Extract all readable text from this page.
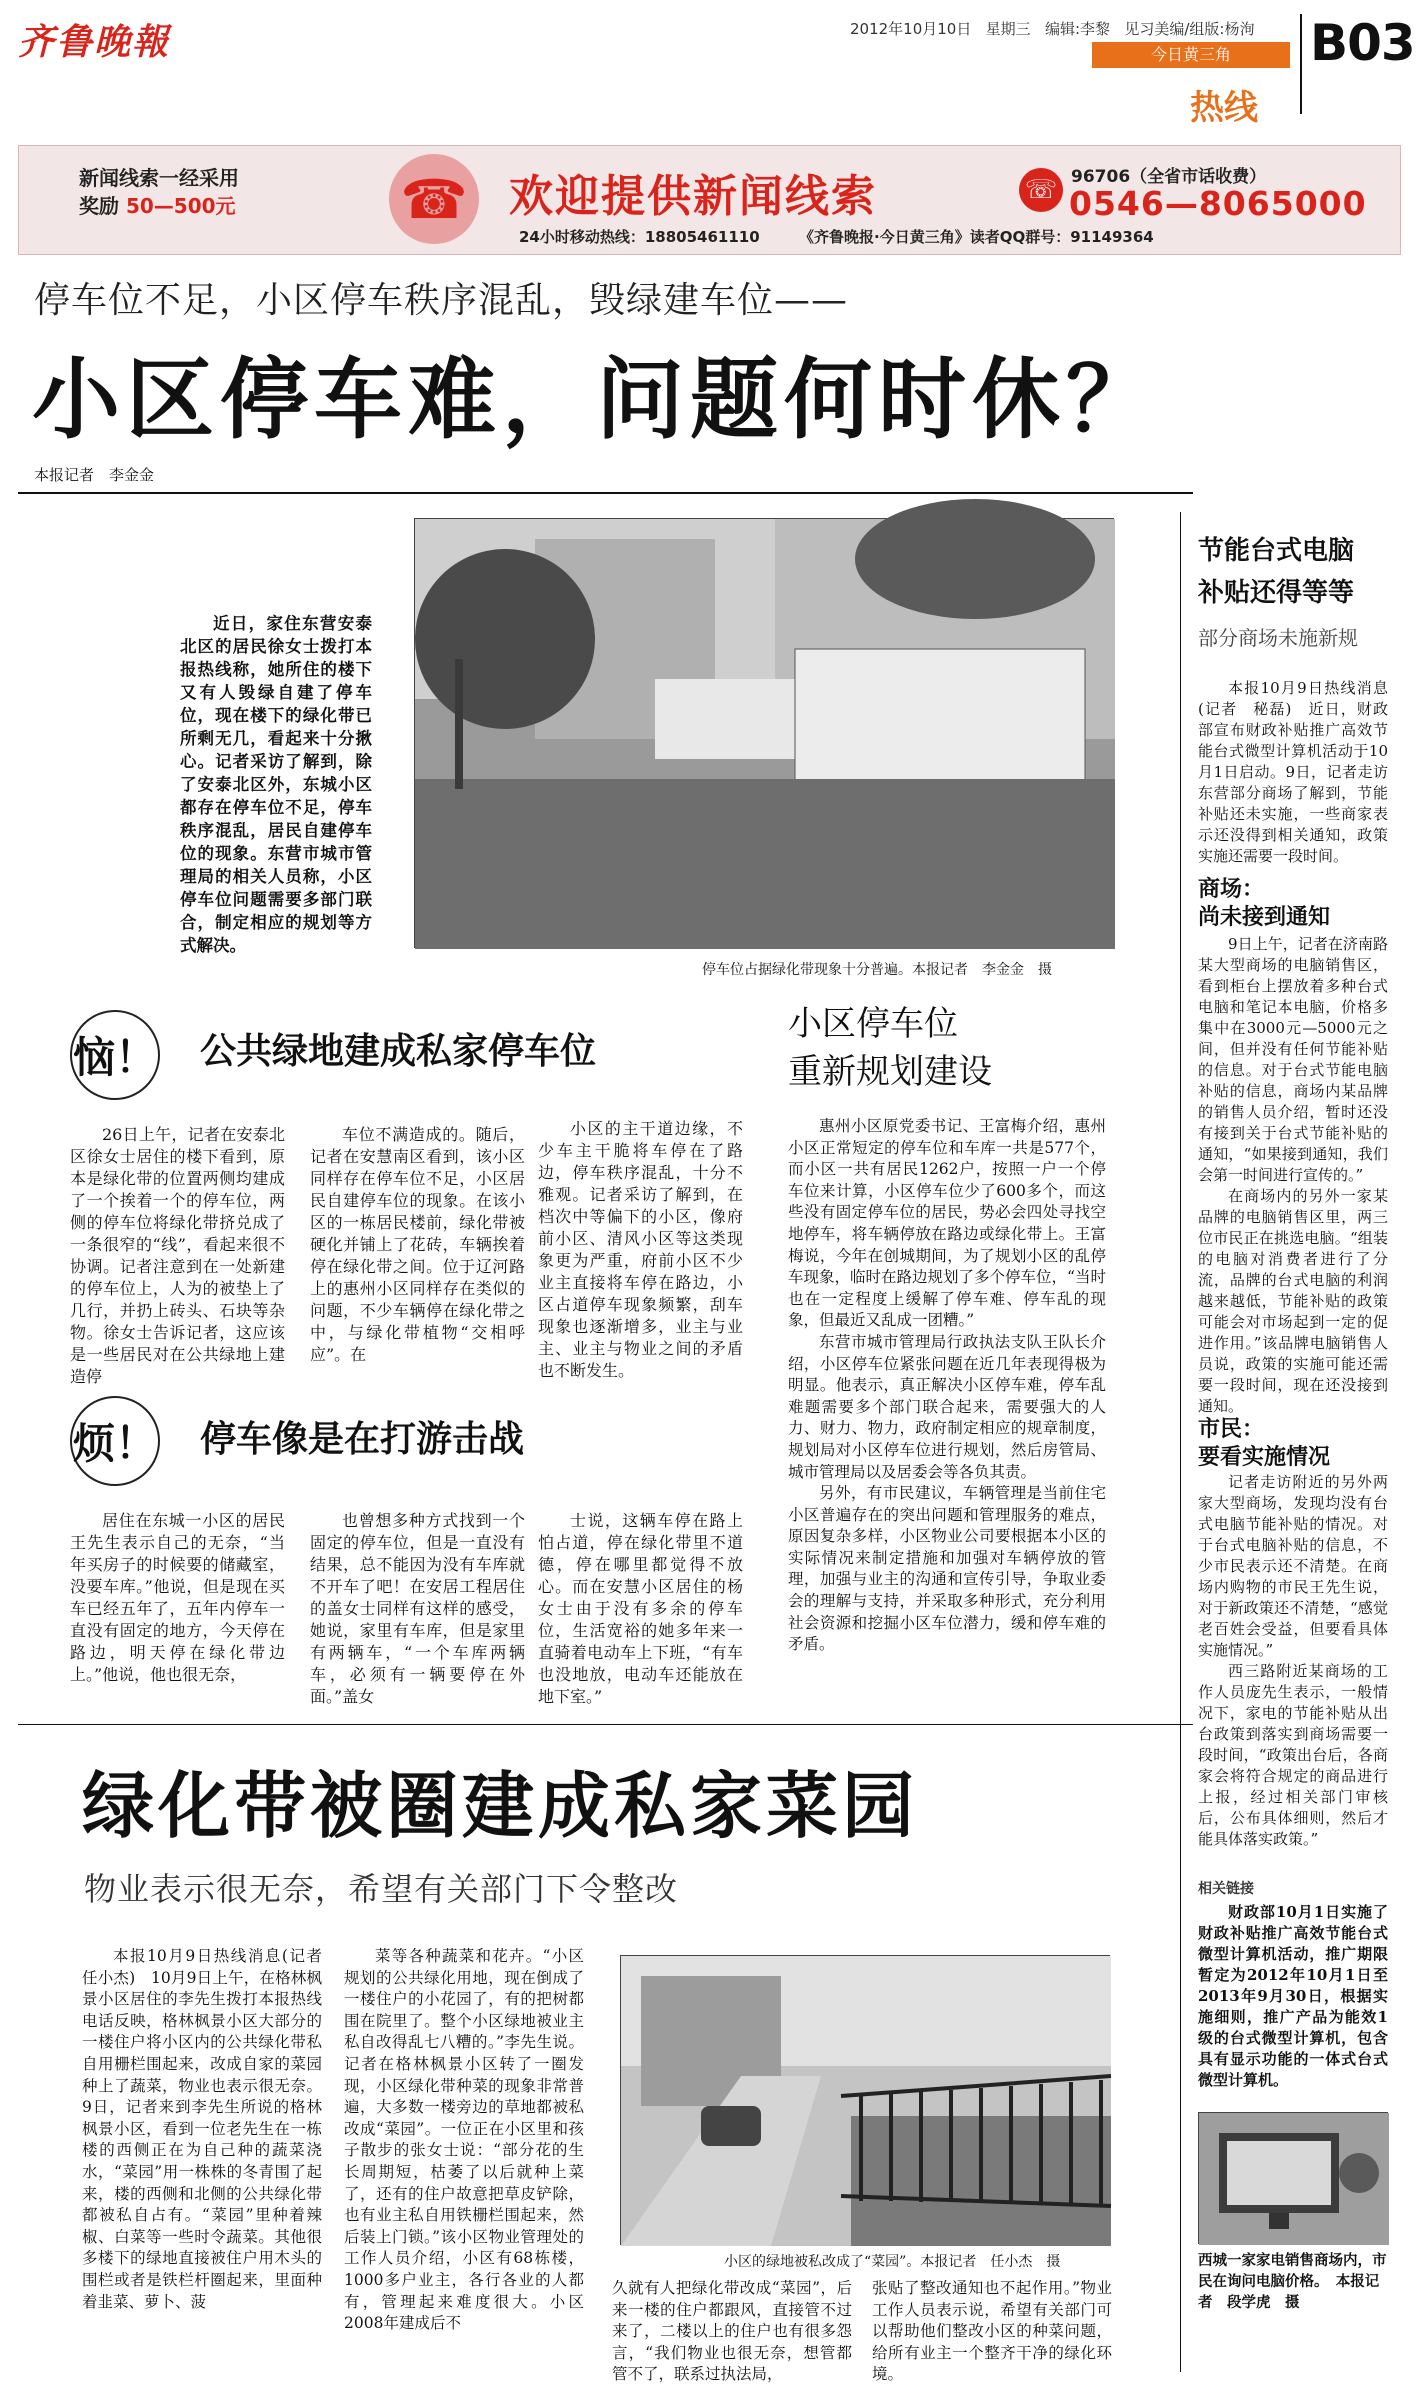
齐鲁晚報	2012年10月10日 星期三 编辑:李黎 见习美编/组版:杨洵
今日黄三角
热线
B03
新闻线索一经采用
奖励 50—500元	☎ 欢迎提供新闻线索	☏ 96706（全省市话收费）
0546—8065000
24小时移动热线：18805461110	《齐鲁晚报·今日黄三角》读者QQ群号：91149364
停车位不足，小区停车秩序混乱，毁绿建车位——
小区停车难，问题何时休？
本报记者　李金金

近日，家住东营安泰北区的居民徐女士拨打本报热线称，她所住的楼下又有人毁绿自建了停车位，现在楼下的绿化带已所剩无几，看起来十分揪心。记者采访了解到，除了安泰北区外，东城小区都存在停车位不足，停车秩序混乱，居民自建停车位的现象。东营市城市管理局的相关人员称，小区停车位问题需要多部门联合，制定相应的规划等方式解决。

停车位占据绿化带现象十分普遍。本报记者　李金金　摄
恼！ 公共绿地建成私家停车位

26日上午，记者在安泰北区徐女士居住的楼下看到，原本是绿化带的位置两侧均建成了一个挨着一个的停车位，两侧的停车位将绿化带挤兑成了一条很窄的“线”，看起来很不协调。记者注意到在一处新建的停车位上，人为的被垫上了几行，并扔上砖头、石块等杂物。徐女士告诉记者，这应该是一些居民对在公共绿地上建造停

车位不满造成的。随后，记者在安慧南区看到，该小区同样存在停车位不足，小区居民自建停车位的现象。在该小区的一栋居民楼前，绿化带被硬化并铺上了花砖，车辆挨着停在绿化带之间。位于辽河路上的惠州小区同样存在类似的问题，不少车辆停在绿化带之中，与绿化带植物“交相呼应”。在

小区的主干道边缘，不少车主干脆将车停在了路边，停车秩序混乱，十分不雅观。记者采访了解到，在档次中等偏下的小区，像府前小区、清风小区等这类现象更为严重，府前小区不少业主直接将车停在路边，小区占道停车现象频繁，刮车现象也逐渐增多，业主与业主、业主与物业之间的矛盾也不断发生。

烦！ 停车像是在打游击战

居住在东城一小区的居民王先生表示自己的无奈，“当年买房子的时候要的储藏室，没要车库。”他说，但是现在买车已经五年了，五年内停车一直没有固定的地方，今天停在路边，明天停在绿化带边上。”他说，他也很无奈，

也曾想多种方式找到一个固定的停车位，但是一直没有结果，总不能因为没有车库就不开车了吧！在安居工程居住的盖女士同样有这样的感受，她说，家里有车库，但是家里有两辆车，“一个车库两辆车，必须有一辆要停在外面。”盖女

士说，这辆车停在路上怕占道，停在绿化带里不道德，停在哪里都觉得不放心。而在安慧小区居住的杨女士由于没有多余的停车位，生活宽裕的她多年来一直骑着电动车上下班，“有车也没地放，电动车还能放在地下室。”

小区停车位
重新规划建设

惠州小区原党委书记、王富梅介绍，惠州小区正常短定的停车位和车库一共是577个，而小区一共有居民1262户，按照一户一个停车位来计算，小区停车位少了600多个，而这些没有固定停车位的居民，势必会四处寻找空地停车，将车辆停放在路边或绿化带上。王富梅说，今年在创城期间，为了规划小区的乱停车现象，临时在路边规划了多个停车位，“当时也在一定程度上缓解了停车难、停车乱的现象，但最近又乱成一团糟。”

东营市城市管理局行政执法支队王队长介绍，小区停车位紧张问题在近几年表现得极为明显。他表示，真正解决小区停车难，停车乱难题需要多个部门联合起来，需要强大的人力、财力、物力，政府制定相应的规章制度，规划局对小区停车位进行规划，然后房管局、城市管理局以及居委会等各负其责。

另外，有市民建议，车辆管理是当前住宅小区普遍存在的突出问题和管理服务的难点，原因复杂多样，小区物业公司要根据本小区的实际情况来制定措施和加强对车辆停放的管理，加强与业主的沟通和宣传引导，争取业委会的理解与支持，并采取多种形式，充分利用社会资源和挖掘小区车位潜力，缓和停车难的矛盾。

绿化带被圈建成私家菜园
物业表示很无奈，希望有关部门下令整改

本报10月9日热线消息(记者　任小杰)　10月9日上午，在格林枫景小区居住的李先生拨打本报热线电话反映，格林枫景小区大部分的一楼住户将小区内的公共绿化带私自用栅栏围起来，改成自家的菜园种上了蔬菜，物业也表示很无奈。9日，记者来到李先生所说的格林枫景小区，看到一位老先生在一栋楼的西侧正在为自己种的蔬菜浇水，“菜园”用一株株的冬青围了起来，楼的西侧和北侧的公共绿化带都被私自占有。“菜园”里种着辣椒、白菜等一些时令蔬菜。其他很多楼下的绿地直接被住户用木头的围栏或者是铁栏杆圈起来，里面种着韭菜、萝卜、菠

菜等各种蔬菜和花卉。“小区规划的公共绿化用地，现在倒成了一楼住户的小花园了，有的把树都围在院里了。整个小区绿地被业主私自改得乱七八糟的。”李先生说。记者在格林枫景小区转了一圈发现，小区绿化带种菜的现象非常普遍，大多数一楼旁边的草地都被私改成“菜园”。一位正在小区里和孩子散步的张女士说：“部分花的生长周期短，枯萎了以后就种上菜了，还有的住户故意把草皮铲除，也有业主私自用铁栅栏围起来，然后装上门锁。”该小区物业管理处的工作人员介绍，小区有68栋楼，1000多户业主，各行各业的人都有，管理起来难度很大。小区2008年建成后不

小区的绿地被私改成了“菜园”。本报记者　任小杰　摄

久就有人把绿化带改成“菜园”，后来一楼的住户都跟风，直接管不过来了，二楼以上的住户也有很多怨言，“我们物业也很无奈，想管都管不了，联系过执法局，

张贴了整改通知也不起作用。”物业工作人员表示说，希望有关部门可以帮助他们整改小区的种菜问题，给所有业主一个整齐干净的绿化环境。

节能台式电脑
补贴还得等等
部分商场未施新规

本报10月9日热线消息(记者　秘磊)　近日，财政部宣布财政补贴推广高效节能台式微型计算机活动于10月1日启动。9日，记者走访东营部分商场了解到，节能补贴还未实施，一些商家表示还没得到相关通知，政策实施还需要一段时间。

商场：
尚未接到通知

9日上午，记者在济南路某大型商场的电脑销售区，看到柜台上摆放着多种台式电脑和笔记本电脑，价格多集中在3000元—5000元之间，但并没有任何节能补贴的信息。对于台式节能电脑补贴的信息，商场内某品牌的销售人员介绍，暂时还没有接到关于台式节能补贴的通知，“如果接到通知，我们会第一时间进行宣传的。”

在商场内的另外一家某品牌的电脑销售区里，两三位市民正在挑选电脑。“组装的电脑对消费者进行了分流，品牌的台式电脑的利润越来越低，节能补贴的政策可能会对市场起到一定的促进作用。”该品牌电脑销售人员说，政策的实施可能还需要一段时间，现在还没接到通知。

市民：
要看实施情况

记者走访附近的另外两家大型商场，发现均没有台式电脑节能补贴的情况。对于台式电脑补贴的信息，不少市民表示还不清楚。在商场内购物的市民王先生说，对于新政策还不清楚，“感觉老百姓会受益，但要看具体实施情况。”

西三路附近某商场的工作人员庞先生表示，一般情况下，家电的节能补贴从出台政策到落实到商场需要一段时间，“政策出台后，各商家会将符合规定的商品进行上报，经过相关部门审核后，公布具体细则，然后才能具体落实政策。”

相关链接

财政部10月1日实施了财政补贴推广高效节能台式微型计算机活动，推广期限暂定为2012年10月1日至2013年9月30日，根据实施细则，推广产品为能效1级的台式微型计算机，包含具有显示功能的一体式台式微型计算机。

西城一家家电销售商场内，市民在询问电脑价格。　本报记者　段学虎　摄
